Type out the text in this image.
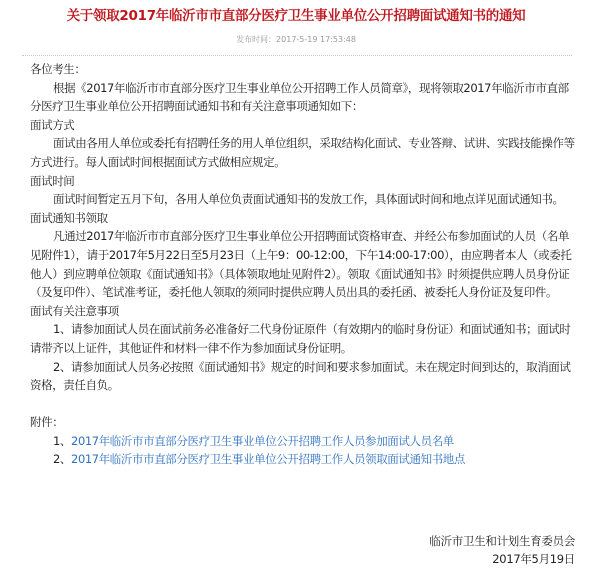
关于领取2017年临沂市市直部分医疗卫生事业单位公开招聘面试通知书的通知
发布时间：2017-5-19 17:53:48

各位考生：

根据《2017年临沂市市直部分医疗卫生事业单位公开招聘工作人员简章》，现将领取2017年临沂市市直部分医疗卫生事业单位公开招聘面试通知书和有关注意事项通知如下：

面试方式

面试由各用人单位或委托有招聘任务的用人单位组织，采取结构化面试、专业答辩、试讲、实践技能操作等方式进行。每人面试时间根据面试方式做相应规定。

面试时间

面试时间暂定五月下旬，各用人单位负责面试通知书的发放工作，具体面试时间和地点详见面试通知书。

面试通知书领取

凡通过2017年临沂市市直部分医疗卫生事业单位公开招聘面试资格审查、并经公布参加面试的人员（名单见附件1），请于2017年5月22日至5月23日（上午9：00-12:00，下午14:00-17:00），由应聘者本人（或委托他人）到应聘单位领取《面试通知书》（具体领取地址见附件2）。领取《面试通知书》时须提供应聘人员身份证（及复印件）、笔试准考证，委托他人领取的须同时提供应聘人员出具的委托函、被委托人身份证及复印件。

面试有关注意事项

1、请参加面试人员在面试前务必准备好二代身份证原件（有效期内的临时身份证）和面试通知书；面试时请带齐以上证件，其他证件和材料一律不作为参加面试身份证明。

2、请参加面试人员务必按照《面试通知书》规定的时间和要求参加面试。未在规定时间到达的，取消面试资格，责任自负。

附件：

1、2017年临沂市市直部分医疗卫生事业单位公开招聘工作人员参加面试人员名单

2、2017年临沂市市直部分医疗卫生事业单位公开招聘工作人员领取面试通知书地点

临沂市卫生和计划生育委员会
2017年5月19日
